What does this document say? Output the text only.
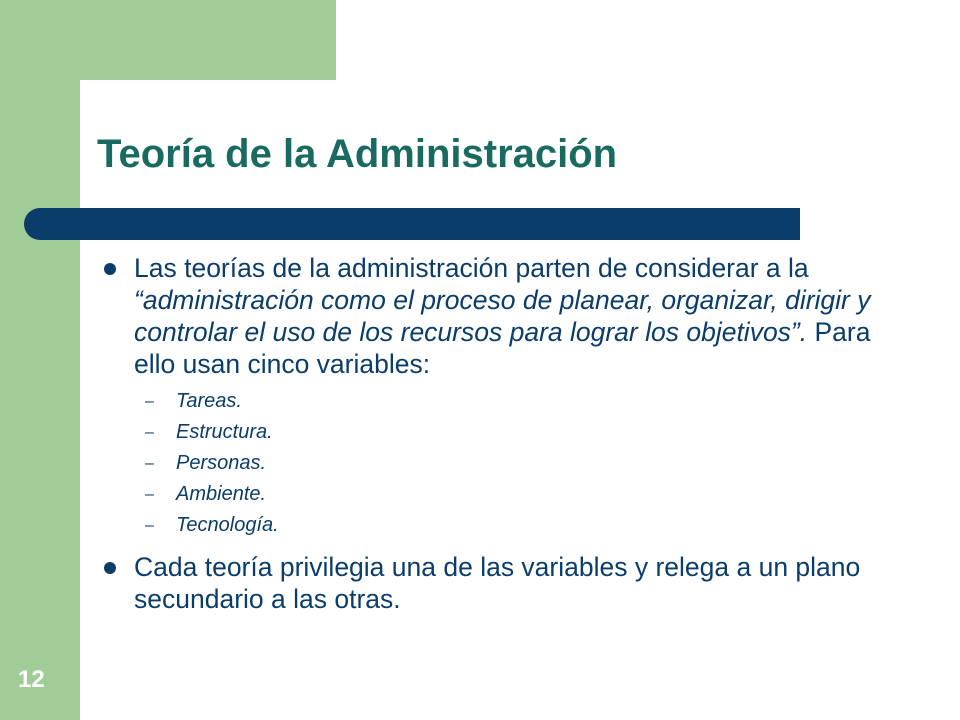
Teoría de la Administración
Las teorías de la administración parten de considerar a la “administración como el proceso de planear, organizar, dirigir y controlar el uso de los recursos para lograr los objetivos”. Para ello usan cinco variables:
– Tareas.
– Estructura.
– Personas.
– Ambiente.
– Tecnología.
Cada teoría privilegia una de las variables y relega a un plano secundario a las otras.
12
